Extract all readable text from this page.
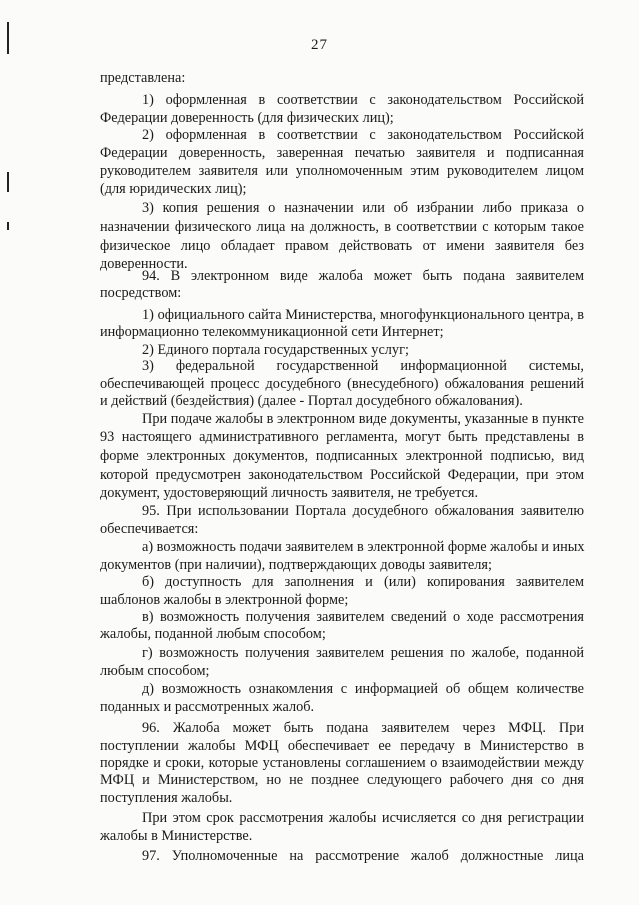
27
представлена:
1) оформленная в соответствии с законодательством Российской
Федерации доверенность (для физических лиц);
2) оформленная в соответствии с законодательством Российской
Федерации доверенность, заверенная печатью заявителя и подписанная
руководителем заявителя или уполномоченным этим руководителем лицом
(для юридических лиц);
3) копия решения о назначении или об избрании либо приказа о
назначении физического лица на должность, в соответствии с которым такое
физическое лицо обладает правом действовать от имени заявителя без
доверенности.
94. В электронном виде жалоба может быть подана заявителем
посредством:
1) официального сайта Министерства, многофункционального центра, в
информационно телекоммуникационной сети Интернет;
2) Единого портала государственных услуг;
3) федеральной государственной информационной системы,
обеспечивающей процесс досудебного (внесудебного) обжалования решений
и действий (бездействия) (далее - Портал досудебного обжалования).
При подаче жалобы в электронном виде документы, указанные в пункте
93 настоящего административного регламента, могут быть представлены в
форме электронных документов, подписанных электронной подписью, вид
которой предусмотрен законодательством Российской Федерации, при этом
документ, удостоверяющий личность заявителя, не требуется.
95. При использовании Портала досудебного обжалования заявителю
обеспечивается:
а) возможность подачи заявителем в электронной форме жалобы и иных
документов (при наличии), подтверждающих доводы заявителя;
б) доступность для заполнения и (или) копирования заявителем
шаблонов жалобы в электронной форме;
в) возможность получения заявителем сведений о ходе рассмотрения
жалобы, поданной любым способом;
г) возможность получения заявителем решения по жалобе, поданной
любым способом;
д) возможность ознакомления с информацией об общем количестве
поданных и рассмотренных жалоб.
96. Жалоба может быть подана заявителем через МФЦ. При
поступлении жалобы МФЦ обеспечивает ее передачу в Министерство в
порядке и сроки, которые установлены соглашением о взаимодействии между
МФЦ и Министерством, но не позднее следующего рабочего дня со дня
поступления жалобы.
При этом срок рассмотрения жалобы исчисляется со дня регистрации
жалобы в Министерстве.
97. Уполномоченные на рассмотрение жалоб должностные лица
